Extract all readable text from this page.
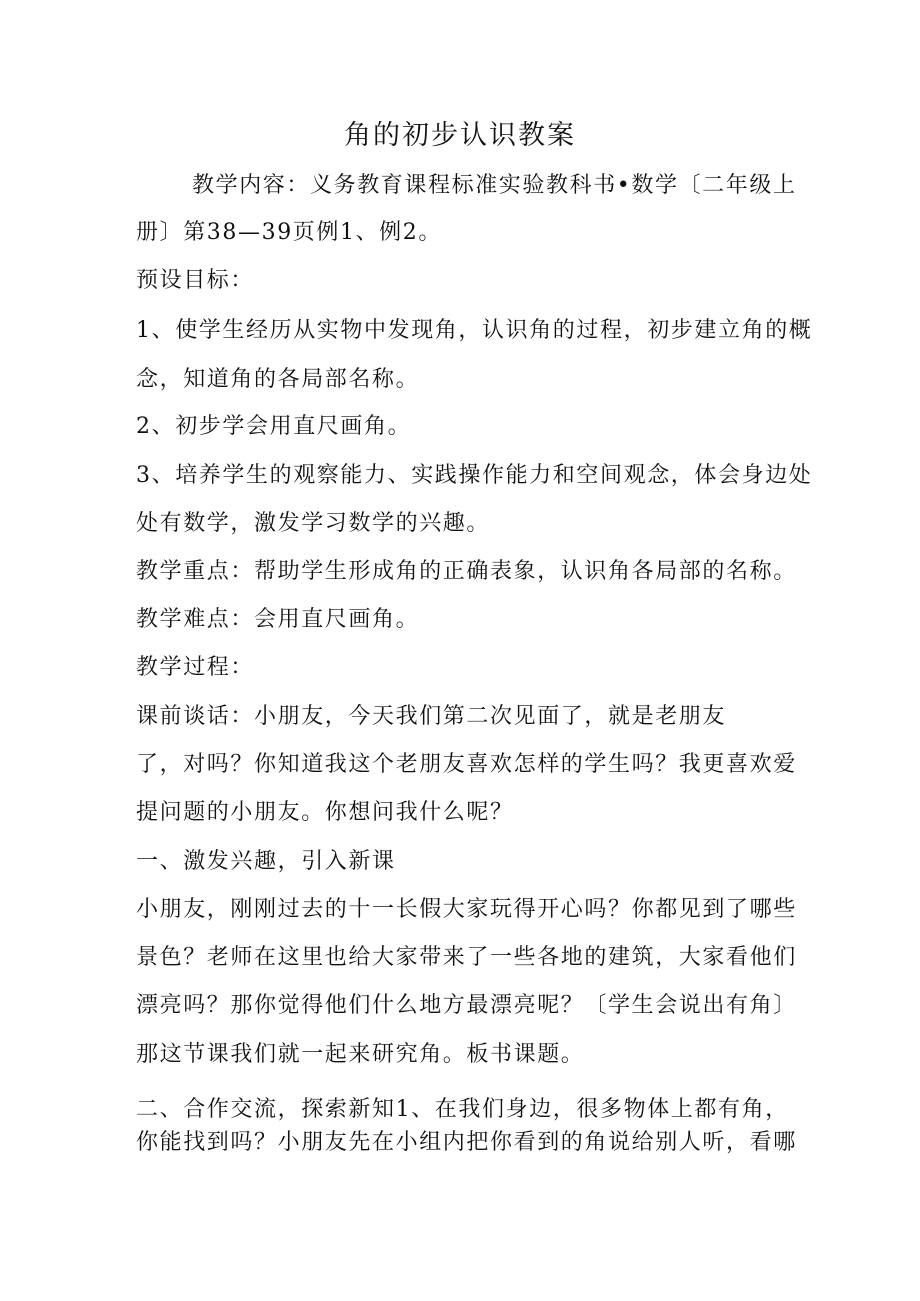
角的初步认识教案
教学内容：义务教育课程标准实验教科书•数学〔二年级上
册〕第38—39页例1、例2。
预设目标：
1、使学生经历从实物中发现角，认识角的过程，初步建立角的概
念，知道角的各局部名称。
2、初步学会用直尺画角。
3、培养学生的观察能力、实践操作能力和空间观念，体会身边处
处有数学，激发学习数学的兴趣。
教学重点：帮助学生形成角的正确表象，认识角各局部的名称。
教学难点：会用直尺画角。
教学过程：
课前谈话：小朋友，今天我们第二次见面了，就是老朋友
了，对吗？你知道我这个老朋友喜欢怎样的学生吗？我更喜欢爱
提问题的小朋友。你想问我什么呢？
一、激发兴趣，引入新课
小朋友，刚刚过去的十一长假大家玩得开心吗？你都见到了哪些
景色？老师在这里也给大家带来了一些各地的建筑，大家看他们
漂亮吗？那你觉得他们什么地方最漂亮呢？〔学生会说出有角〕
那这节课我们就一起来研究角。板书课题。
二、合作交流，探索新知1、在我们身边，很多物体上都有角，
你能找到吗？小朋友先在小组内把你看到的角说给别人听，看哪
